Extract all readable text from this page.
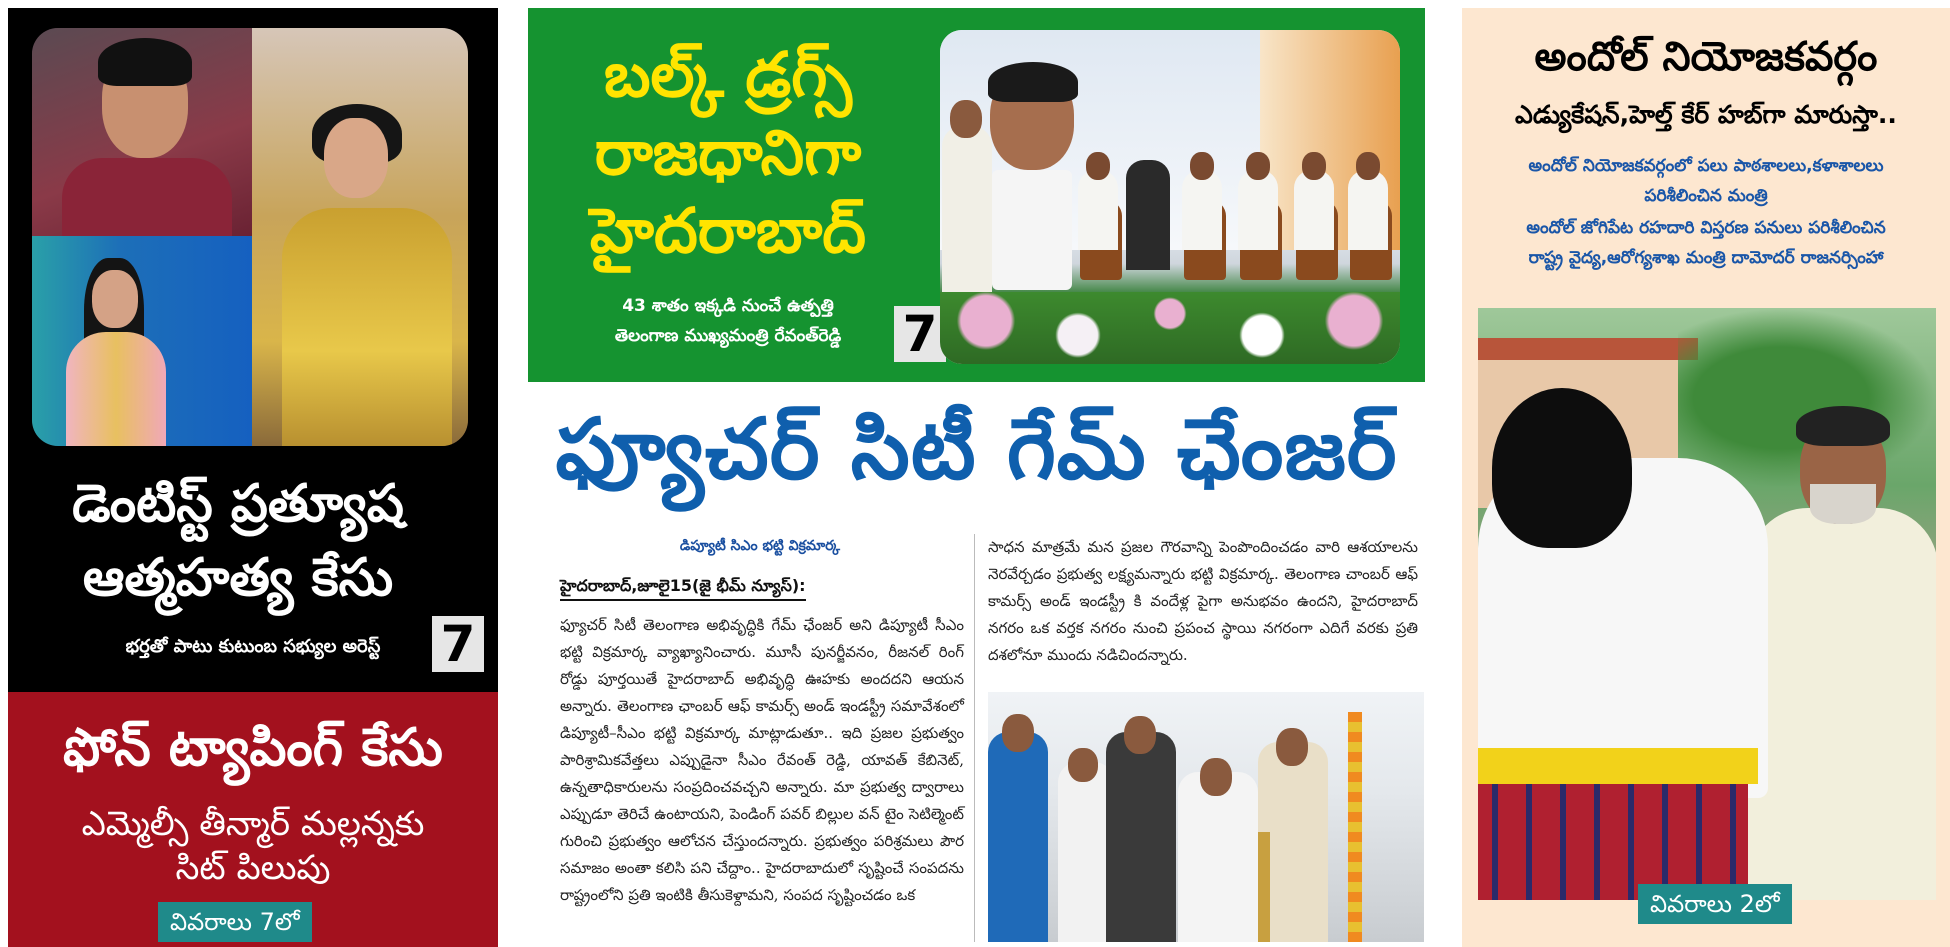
డెంటిస్ట్ ప్రత్యూష
ఆత్మహత్య కేసు
భర్తతో పాటు కుటుంబ సభ్యుల అరెస్ట్	7
ఫోన్ ట్యాపింగ్ కేసు
ఎమ్మెల్సీ తీన్మార్ మల్లన్నకు
సిట్ పిలుపు
వివరాలు 7లో
బల్క్ డ్రగ్స్
రాజధానిగా
హైదరాబాద్
43 శాతం ఇక్కడి నుంచే ఉత్పత్తి
తెలంగాణ ముఖ్యమంత్రి రేవంత్‌రెడ్డి	7
ఫ్యూచర్ సిటీ గేమ్ ఛేంజర్
డిప్యూటీ సిఎం భట్టి విక్రమార్క
హైదరాబాద్,జూలై15(జై భీమ్ న్యూస్):
ఫ్యూచర్ సిటీ తెలంగాణ అభివృద్ధికి గేమ్ ఛేంజర్ అని డిప్యూటీ సీఎం భట్టి విక్రమార్క వ్యాఖ్యానించారు. మూసీ పునర్జీవనం, రీజనల్ రింగ్ రోడ్డు పూర్తయితే హైదరాబాద్ అభివృద్ధి ఊహకు అందదని ఆయన అన్నారు. తెలంగాణ ఛాంబర్ ఆఫ్ కామర్స్ అండ్ ఇండస్ట్రీ సమావేశంలో డిప్యూటీ–సీఎం భట్టి విక్రమార్క మాట్లాడుతూ.. ఇది ప్రజల ప్రభుత్వం పారిశ్రామికవేత్తలు ఎప్పుడైనా సీఎం రేవంత్ రెడ్డి, యావత్ కేబినెట్, ఉన్నతాధికారులను సంప్రదించవచ్చని అన్నారు. మా ప్రభుత్వ ద్వారాలు ఎప్పుడూ తెరిచే ఉంటాయని, పెండింగ్ పవర్ బిల్లుల వన్ టైం సెటిల్మెంట్ గురించి ప్రభుత్వం ఆలోచన చేస్తుందన్నారు. ప్రభుత్వం పరిశ్రమలు పౌర సమాజం అంతా కలిసి పని చేద్దాం.. హైదరాబాదులో సృష్టించే సంపదను రాష్ట్రంలోని ప్రతి ఇంటికి తీసుకెళ్దామని, సంపద సృష్టించడం ఒక
సాధన మాత్రమే మన ప్రజల గౌరవాన్ని పెంపొందించడం వారి ఆశయాలను నెరవేర్చడం ప్రభుత్వ లక్ష్యమన్నారు భట్టి విక్రమార్క. తెలంగాణ చాంబర్ ఆఫ్ కామర్స్ అండ్ ఇండస్ట్రీ కి వందేళ్ల పైగా అనుభవం ఉందని, హైదరాబాద్ నగరం ఒక వర్తక నగరం నుంచి ప్రపంచ స్థాయి నగరంగా ఎదిగే వరకు ప్రతి దశలోనూ ముందు నడిచిందన్నారు.
అందోల్ నియోజకవర్గం
ఎడ్యుకేషన్,హెల్త్ కేర్ హబ్‌గా మారుస్తా..
అందోల్ నియోజకవర్గంలో పలు పాఠశాలలు,కళాశాలలు
పరిశీలించిన మంత్రి
అందోల్ జోగిపేట రహదారి విస్తరణ పనులు పరిశీలించిన
రాష్ట్ర వైద్య,ఆరోగ్యశాఖ మంత్రి దామోదర్ రాజనర్సింహా
వివరాలు 2లో
